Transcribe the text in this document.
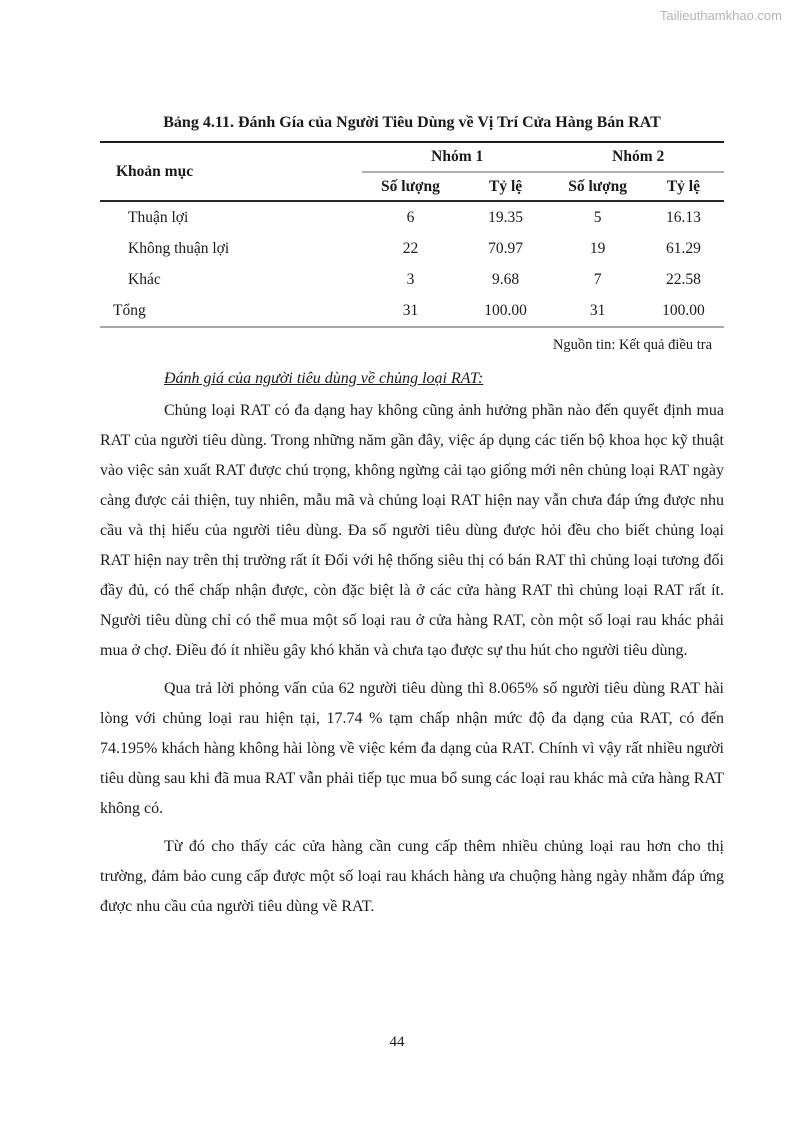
Tailieuthamkhao.com
Bảng 4.11. Đánh Gía của Người Tiêu Dùng về Vị Trí Cửa Hàng Bán RAT
Khoản mục	Nhóm 1		Nhóm 2	
	Số lượng	Tỷ lệ	Số lượng	Tỷ lệ
Thuận lợi	6	19.35	5	16.13
Không thuận lợi	22	70.97	19	61.29
Khác	3	9.68	7	22.58
Tổng	31	100.00	31	100.00
Nguồn tin: Kết quả điều tra
Đánh giá của người tiêu dùng về chủng loại RAT:

Chủng loại RAT có đa dạng hay không cũng ảnh hưởng phần nào đến quyết định mua RAT của người tiêu dùng. Trong những năm gần đây, việc áp dụng các tiến bộ khoa học kỹ thuật vào việc sản xuất RAT được chú trọng, không ngừng cải tạo giống mới nên chủng loại RAT ngày càng được cải thiện, tuy nhiên, mẫu mã và chủng loại RAT hiện nay vẫn chưa đáp ứng được nhu cầu và thị hiếu của người tiêu dùng. Đa số người tiêu dùng được hỏi đều cho biết chủng loại RAT hiện nay trên thị trường rất ít Đối với hệ thống siêu thị có bán RAT thì chủng loại tương đối đầy đủ, có thể chấp nhận được, còn đặc biệt là ở các cửa hàng RAT thì chủng loại RAT rất ít. Người tiêu dùng chỉ có thể mua một số loại rau ở cửa hàng RAT, còn một số loại rau khác phải mua ở chợ. Điều đó ít nhiều gây khó khăn và chưa tạo được sự thu hút cho người tiêu dùng.

Qua trả lời phỏng vấn của 62 người tiêu dùng thì 8.065% số người tiêu dùng RAT hài lòng với chủng loại rau hiện tại, 17.74 % tạm chấp nhận mức độ đa dạng của RAT, có đến 74.195% khách hàng không hài lòng về việc kém đa dạng của RAT. Chính vì vậy rất nhiều người tiêu dùng sau khi đã mua RAT vẫn phải tiếp tục mua bổ sung các loại rau khác mà cửa hàng RAT không có.

Từ đó cho thấy các cửa hàng cần cung cấp thêm nhiều chủng loại rau hơn cho thị trường, đảm bảo cung cấp được một số loại rau khách hàng ưa chuộng hàng ngày nhằm đáp ứng được nhu cầu của người tiêu dùng về RAT.

44
